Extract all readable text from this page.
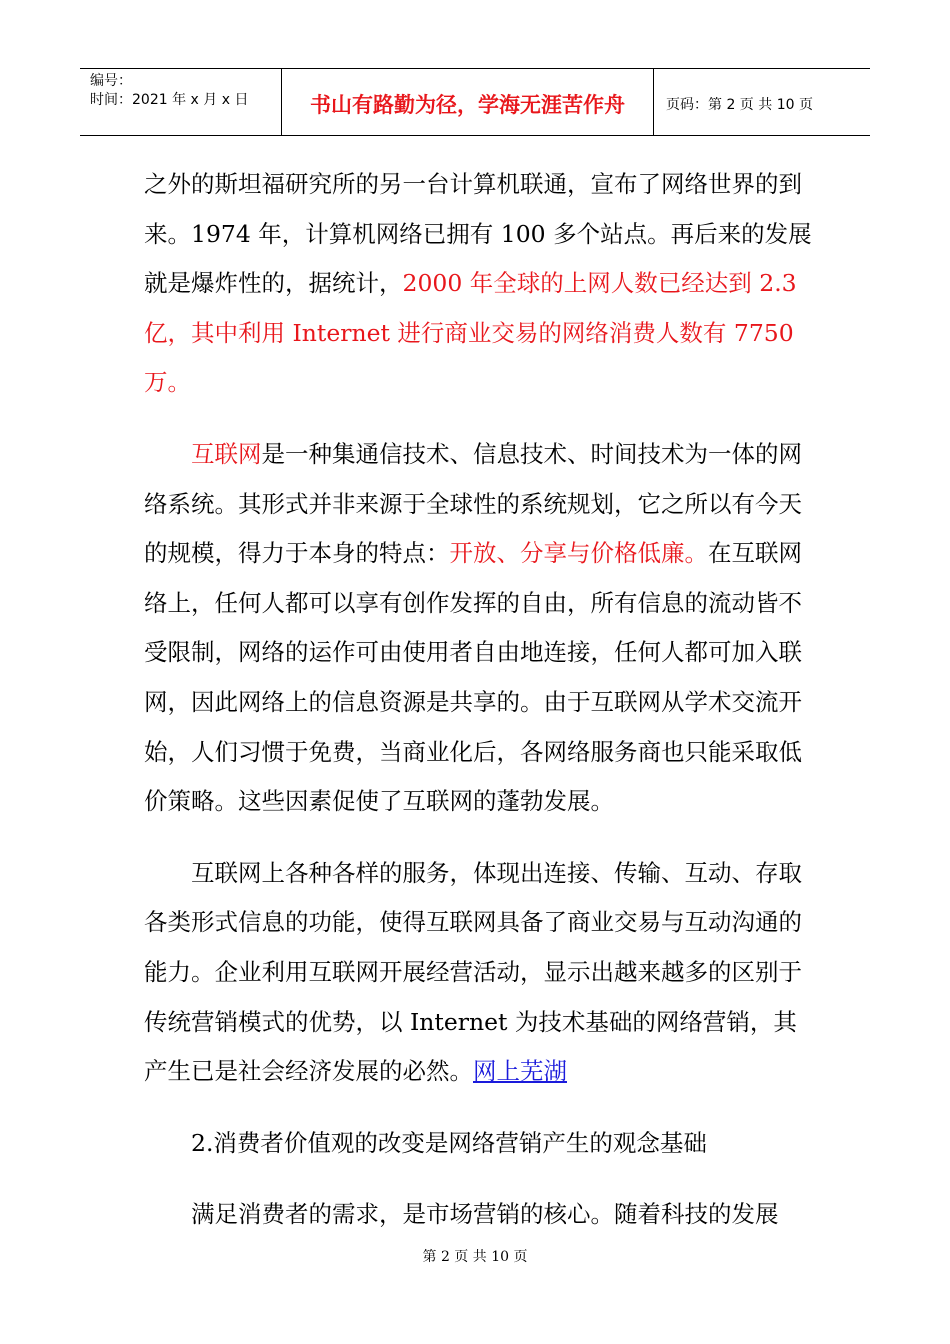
编号：
时间：2021 年 x 月 x 日	书山有路勤为径，学海无涯苦作舟	页码：第 2 页 共 10 页

之外的斯坦福研究所的另一台计算机联通，宣布了网络世界的到来。1974 年，计算机网络已拥有 100 多个站点。再后来的发展就是爆炸性的，据统计，2000 年全球的上网人数已经达到 2.3 亿，其中利用 Internet 进行商业交易的网络消费人数有 7750 万。

互联网是一种集通信技术、信息技术、时间技术为一体的网络系统。其形式并非来源于全球性的系统规划，它之所以有今天的规模，得力于本身的特点：开放、分享与价格低廉。在互联网络上，任何人都可以享有创作发挥的自由，所有信息的流动皆不受限制，网络的运作可由使用者自由地连接，任何人都可加入联网，因此网络上的信息资源是共享的。由于互联网从学术交流开始，人们习惯于免费，当商业化后，各网络服务商也只能采取低价策略。这些因素促使了互联网的蓬勃发展。

互联网上各种各样的服务，体现出连接、传输、互动、存取各类形式信息的功能，使得互联网具备了商业交易与互动沟通的能力。企业利用互联网开展经营活动，显示出越来越多的区别于传统营销模式的优势，以 Internet 为技术基础的网络营销，其产生已是社会经济发展的必然。网上芜湖

2.消费者价值观的改变是网络营销产生的观念基础

满足消费者的需求，是市场营销的核心。随着科技的发展

第 2 页 共 10 页
